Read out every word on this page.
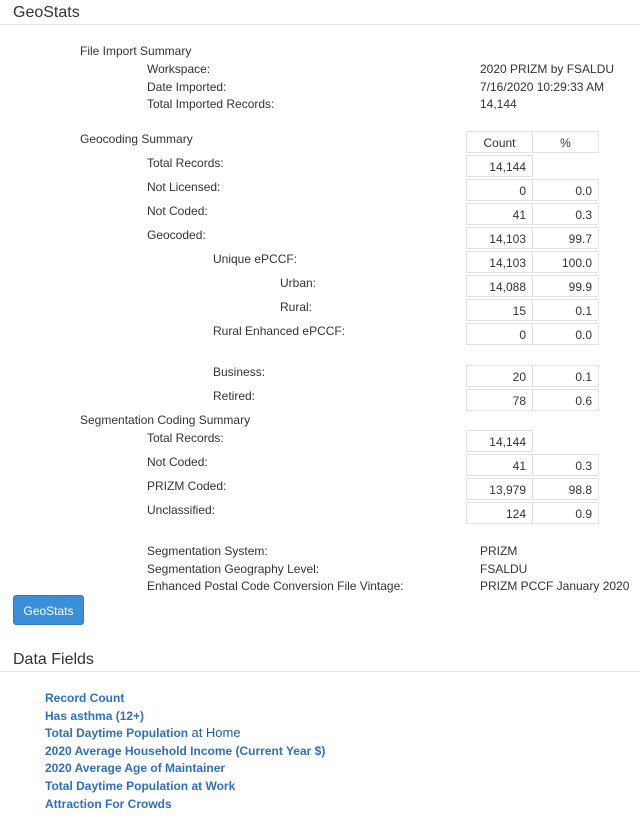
GeoStats
File Import Summary
Workspace:	2020 PRIZM by FSALDU
Date Imported:	7/16/2020 10:29:33 AM
Total Imported Records:	14,144
Geocoding Summary	Count	%
Total Records:	14,144
Not Licensed:	0	0.0
Not Coded:	41	0.3
Geocoded:	14,103	99.7
Unique ePCCF:	14,103	100.0
Urban:	14,088	99.9
Rural:	15	0.1
Rural Enhanced ePCCF:	0	0.0
Business:	20	0.1
Retired:	78	0.6
Segmentation Coding Summary
Total Records:	14,144
Not Coded:	41	0.3
PRIZM Coded:	13,979	98.8
Unclassified:	124	0.9
Segmentation System:	PRIZM
Segmentation Geography Level:	FSALDU
Enhanced Postal Code Conversion File Vintage:	PRIZM PCCF January 2020
GeoStats
Data Fields
Record Count
Has asthma (12+)
Total Daytime Population at Home
2020 Average Household Income (Current Year $)
2020 Average Age of Maintainer
Total Daytime Population at Work
Attraction For Crowds
